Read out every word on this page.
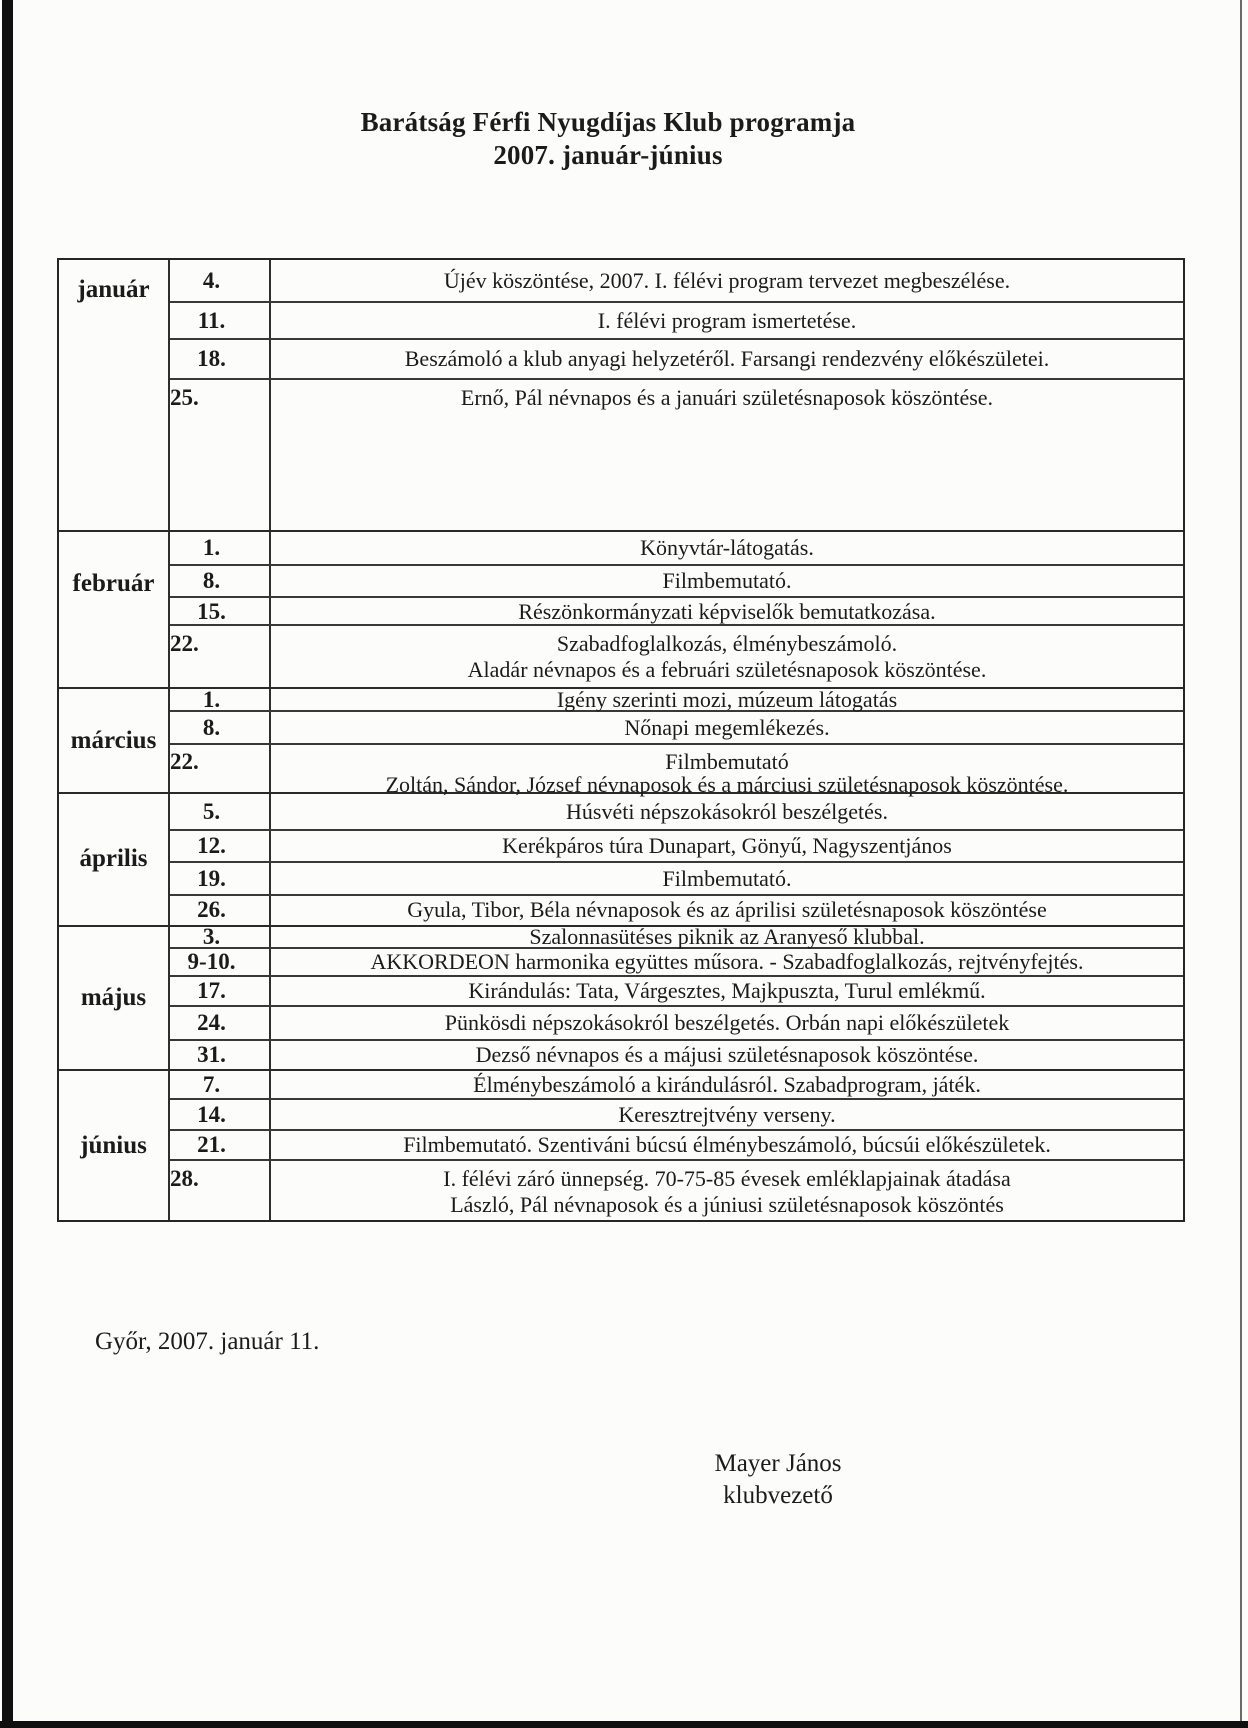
Barátság Férfi Nyugdíjas Klub programja
2007. január-június
január	4.	Újév köszöntése, 2007. I. félévi program tervezet megbeszélése.
11.	I. félévi program ismertetése.
18.	Beszámoló a klub anyagi helyzetéről. Farsangi rendezvény előkészületei.
25.	Ernő, Pál névnapos és a januári születésnaposok köszöntése.
február
1.	Könyvtár-látogatás.
8.	Filmbemutató.
15.	Részönkormányzati képviselők bemutatkozása.
22.	Szabadfoglalkozás, élménybeszámoló.
Aladár névnapos és a februári születésnaposok köszöntése.
március
1.	Igény szerinti mozi, múzeum látogatás
8.	Nőnapi megemlékezés.
22.	Filmbemutató
Zoltán, Sándor, József névnaposok és a márciusi születésnaposok köszöntése.
április
5.	Húsvéti népszokásokról beszélgetés.
12.	Kerékpáros túra Dunapart, Gönyű, Nagyszentjános
19.	Filmbemutató.
26.	Gyula, Tibor, Béla névnaposok és az áprilisi születésnaposok köszöntése
május
3.	Szalonnasütéses piknik az Aranyeső klubbal.
9-10.	AKKORDEON harmonika együttes műsora. - Szabadfoglalkozás, rejtvényfejtés.
17.	Kirándulás: Tata, Várgesztes, Majkpuszta, Turul emlékmű.
24.	Pünkösdi népszokásokról beszélgetés. Orbán napi előkészületek
31.	Dezső névnapos és a májusi születésnaposok köszöntése.
június
7.	Élménybeszámoló a kirándulásról. Szabadprogram, játék.
14.	Keresztrejtvény verseny.
21.	Filmbemutató. Szentiváni búcsú élménybeszámoló, búcsúi előkészületek.
28.	I. félévi záró ünnepség. 70-75-85 évesek emléklapjainak átadása
László, Pál névnaposok és a júniusi születésnaposok köszöntés
Győr, 2007. január 11.
Mayer János
klubvezető
